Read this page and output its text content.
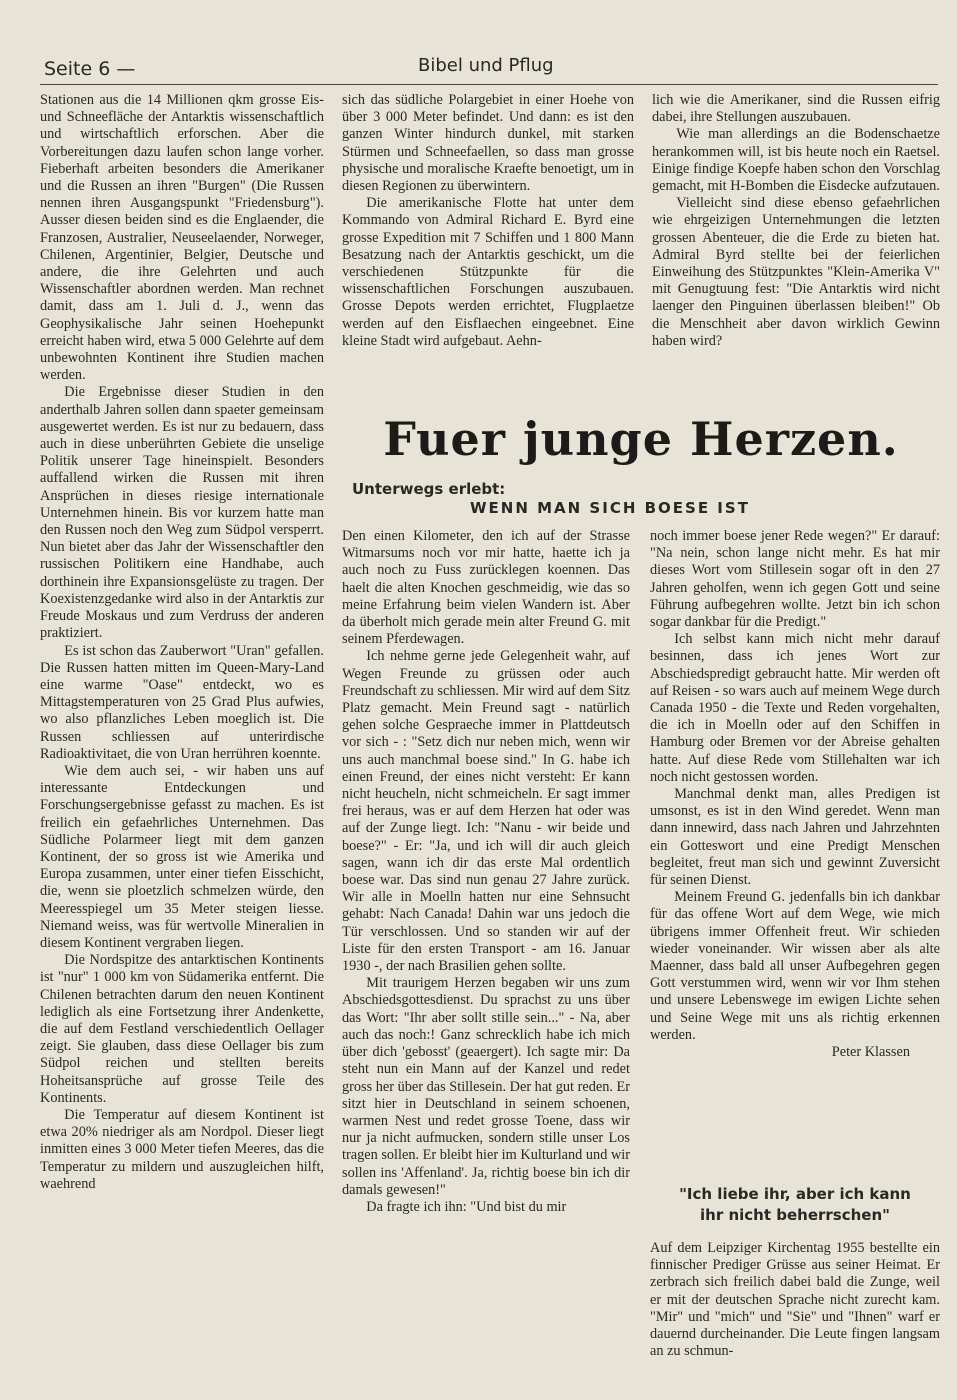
Seite 6 —	Bibel und Pflug

Stationen aus die 14 Millionen qkm grosse Eis- und Schneefläche der Antarktis wissenschaftlich und wirtschaftlich erforschen. Aber die Vorbereitungen dazu laufen schon lange vorher. Fieberhaft arbeiten besonders die Amerikaner und die Russen an ihren "Burgen" (Die Russen nennen ihren Ausgangspunkt "Friedensburg"). Ausser diesen beiden sind es die Englaender, die Franzosen, Australier, Neuseelaender, Norweger, Chilenen, Argentinier, Belgier, Deutsche und andere, die ihre Gelehrten und auch Wissenschaftler abordnen werden. Man rechnet damit, dass am 1. Juli d. J., wenn das Geophysikalische Jahr seinen Hoehepunkt erreicht haben wird, etwa 5 000 Gelehrte auf dem unbewohnten Kontinent ihre Studien machen werden.

Die Ergebnisse dieser Studien in den anderthalb Jahren sollen dann spaeter gemeinsam ausgewertet werden. Es ist nur zu bedauern, dass auch in diese unberührten Gebiete die unselige Politik unserer Tage hineinspielt. Besonders auffallend wirken die Russen mit ihren Ansprüchen in dieses riesige internationale Unternehmen hinein. Bis vor kurzem hatte man den Russen noch den Weg zum Südpol versperrt. Nun bietet aber das Jahr der Wissenschaftler den russischen Politikern eine Handhabe, auch dorthinein ihre Expansionsgelüste zu tragen. Der Koexistenzgedanke wird also in der Antarktis zur Freude Moskaus und zum Verdruss der anderen praktiziert.

Es ist schon das Zauberwort "Uran" gefallen. Die Russen hatten mitten im Queen-Mary-Land eine warme "Oase" entdeckt, wo es Mittagstemperaturen von 25 Grad Plus aufwies, wo also pflanzliches Leben moeglich ist. Die Russen schliessen auf unterirdische Radioaktivitaet, die von Uran herrühren koennte.

Wie dem auch sei, - wir haben uns auf interessante Entdeckungen und Forschungsergebnisse gefasst zu machen. Es ist freilich ein gefaehrliches Unternehmen. Das Südliche Polarmeer liegt mit dem ganzen Kontinent, der so gross ist wie Amerika und Europa zusammen, unter einer tiefen Eisschicht, die, wenn sie ploetzlich schmelzen würde, den Meeresspiegel um 35 Meter steigen liesse. Niemand weiss, was für wertvolle Mineralien in diesem Kontinent vergraben liegen.

Die Nordspitze des antarktischen Kontinents ist "nur" 1 000 km von Südamerika entfernt. Die Chilenen betrachten darum den neuen Kontinent lediglich als eine Fortsetzung ihrer Andenkette, die auf dem Festland verschiedentlich Oellager zeigt. Sie glauben, dass diese Oellager bis zum Südpol reichen und stellten bereits Hoheitsansprüche auf grosse Teile des Kontinents.

Die Temperatur auf diesem Kontinent ist etwa 20% niedriger als am Nordpol. Dieser liegt inmitten eines 3 000 Meter tiefen Meeres, das die Temperatur zu mildern und auszugleichen hilft, waehrend

sich das südliche Polargebiet in einer Hoehe von über 3 000 Meter befindet. Und dann: es ist den ganzen Winter hindurch dunkel, mit starken Stürmen und Schneefaellen, so dass man grosse physische und moralische Kraefte benoetigt, um in diesen Regionen zu überwintern.

Die amerikanische Flotte hat unter dem Kommando von Admiral Richard E. Byrd eine grosse Expedition mit 7 Schiffen und 1 800 Mann Besatzung nach der Antarktis geschickt, um die verschiedenen Stützpunkte für die wissenschaftlichen Forschungen auszubauen. Grosse Depots werden errichtet, Flugplaetze werden auf den Eisflaechen eingeebnet. Eine kleine Stadt wird aufgebaut. Aehn-

lich wie die Amerikaner, sind die Russen eifrig dabei, ihre Stellungen auszubauen.

Wie man allerdings an die Bodenschaetze herankommen will, ist bis heute noch ein Raetsel. Einige findige Koepfe haben schon den Vorschlag gemacht, mit H-Bomben die Eisdecke aufzutauen.

Vielleicht sind diese ebenso gefaehrlichen wie ehrgeizigen Unternehmungen die letzten grossen Abenteuer, die die Erde zu bieten hat. Admiral Byrd stellte bei der feierlichen Einweihung des Stützpunktes "Klein-Amerika V" mit Genugtuung fest: "Die Antarktis wird nicht laenger den Pinguinen überlassen bleiben!" Ob die Menschheit aber davon wirklich Gewinn haben wird?

Fuer junge Herzen.
Unterwegs erlebt:
WENN MAN SICH BOESE IST

Den einen Kilometer, den ich auf der Strasse Witmarsums noch vor mir hatte, haette ich ja auch noch zu Fuss zurücklegen koennen. Das haelt die alten Knochen geschmeidig, wie das so meine Erfahrung beim vielen Wandern ist. Aber da überholt mich gerade mein alter Freund G. mit seinem Pferdewagen.

Ich nehme gerne jede Gelegenheit wahr, auf Wegen Freunde zu grüssen oder auch Freundschaft zu schliessen. Mir wird auf dem Sitz Platz gemacht. Mein Freund sagt - natürlich gehen solche Gespraeche immer in Plattdeutsch vor sich - : "Setz dich nur neben mich, wenn wir uns auch manchmal boese sind." In G. habe ich einen Freund, der eines nicht versteht: Er kann nicht heucheln, nicht schmeicheln. Er sagt immer frei heraus, was er auf dem Herzen hat oder was auf der Zunge liegt. Ich: "Nanu - wir beide und boese?" - Er: "Ja, und ich will dir auch gleich sagen, wann ich dir das erste Mal ordentlich boese war. Das sind nun genau 27 Jahre zurück. Wir alle in Moelln hatten nur eine Sehnsucht gehabt: Nach Canada! Dahin war uns jedoch die Tür verschlossen. Und so standen wir auf der Liste für den ersten Transport - am 16. Januar 1930 -, der nach Brasilien gehen sollte.

Mit traurigem Herzen begaben wir uns zum Abschiedsgottesdienst. Du sprachst zu uns über das Wort: "Ihr aber sollt stille sein..." - Na, aber auch das noch:! Ganz schrecklich habe ich mich über dich 'gebosst' (geaergert). Ich sagte mir: Da steht nun ein Mann auf der Kanzel und redet gross her über das Stillesein. Der hat gut reden. Er sitzt hier in Deutschland in seinem schoenen, warmen Nest und redet grosse Toene, dass wir nur ja nicht aufmucken, sondern stille unser Los tragen sollen. Er bleibt hier im Kulturland und wir sollen ins 'Affenland'. Ja, richtig boese bin ich dir damals gewesen!"

Da fragte ich ihn: "Und bist du mir

noch immer boese jener Rede wegen?" Er darauf: "Na nein, schon lange nicht mehr. Es hat mir dieses Wort vom Stillesein sogar oft in den 27 Jahren geholfen, wenn ich gegen Gott und seine Führung aufbegehren wollte. Jetzt bin ich schon sogar dankbar für die Predigt."

Ich selbst kann mich nicht mehr darauf besinnen, dass ich jenes Wort zur Abschiedspredigt gebraucht hatte. Mir werden oft auf Reisen - so wars auch auf meinem Wege durch Canada 1950 - die Texte und Reden vorgehalten, die ich in Moelln oder auf den Schiffen in Hamburg oder Bremen vor der Abreise gehalten hatte. Auf diese Rede vom Stillehalten war ich noch nicht gestossen worden.

Manchmal denkt man, alles Predigen ist umsonst, es ist in den Wind geredet. Wenn man dann innewird, dass nach Jahren und Jahrzehnten ein Gotteswort und eine Predigt Menschen begleitet, freut man sich und gewinnt Zuversicht für seinen Dienst.

Meinem Freund G. jedenfalls bin ich dankbar für das offene Wort auf dem Wege, wie mich übrigens immer Offenheit freut. Wir schieden wieder voneinander. Wir wissen aber als alte Maenner, dass bald all unser Aufbegehren gegen Gott verstummen wird, wenn wir vor Ihm stehen und unsere Lebenswege im ewigen Lichte sehen und Seine Wege mit uns als richtig erkennen werden.

Peter Klassen

"Ich liebe ihr, aber ich kann
ihr nicht beherrschen"

Auf dem Leipziger Kirchentag 1955 bestellte ein finnischer Prediger Grüsse aus seiner Heimat. Er zerbrach sich freilich dabei bald die Zunge, weil er mit der deutschen Sprache nicht zurecht kam. "Mir" und "mich" und "Sie" und "Ihnen" warf er dauernd durcheinander. Die Leute fingen langsam an zu schmun-
